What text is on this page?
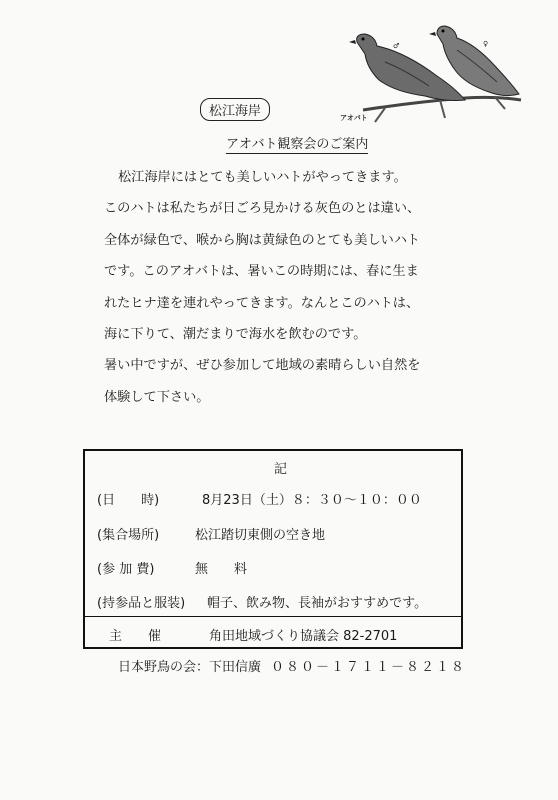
♂	♀
アオバト
松江海岸
アオバト観察会のご案内
松江海岸にはとても美しいハトがやってきます。
このハトは私たちが日ごろ見かける灰色のとは違い、
全体が緑色で、喉から胸は黄緑色のとても美しいハト
です。このアオバトは、暑いこの時期には、春に生ま
れたヒナ達を連れやってきます。なんとこのハトは、
海に下りて、潮だまりで海水を飲むのです。
暑い中ですが、ぜひ参加して地域の素晴らしい自然を
体験して下さい。
記
(日　　時)	8月23日（土）８：３０～１０：００
(集合場所)	松江踏切東側の空き地
(参 加 費)	無　　料
(持参品と服装) 帽子、飲み物、長袖がおすすめです。
主　　催	角田地域づくり協議会 82-2701
日本野鳥の会：下田信廣 ０８０－１７１１－８２１８
